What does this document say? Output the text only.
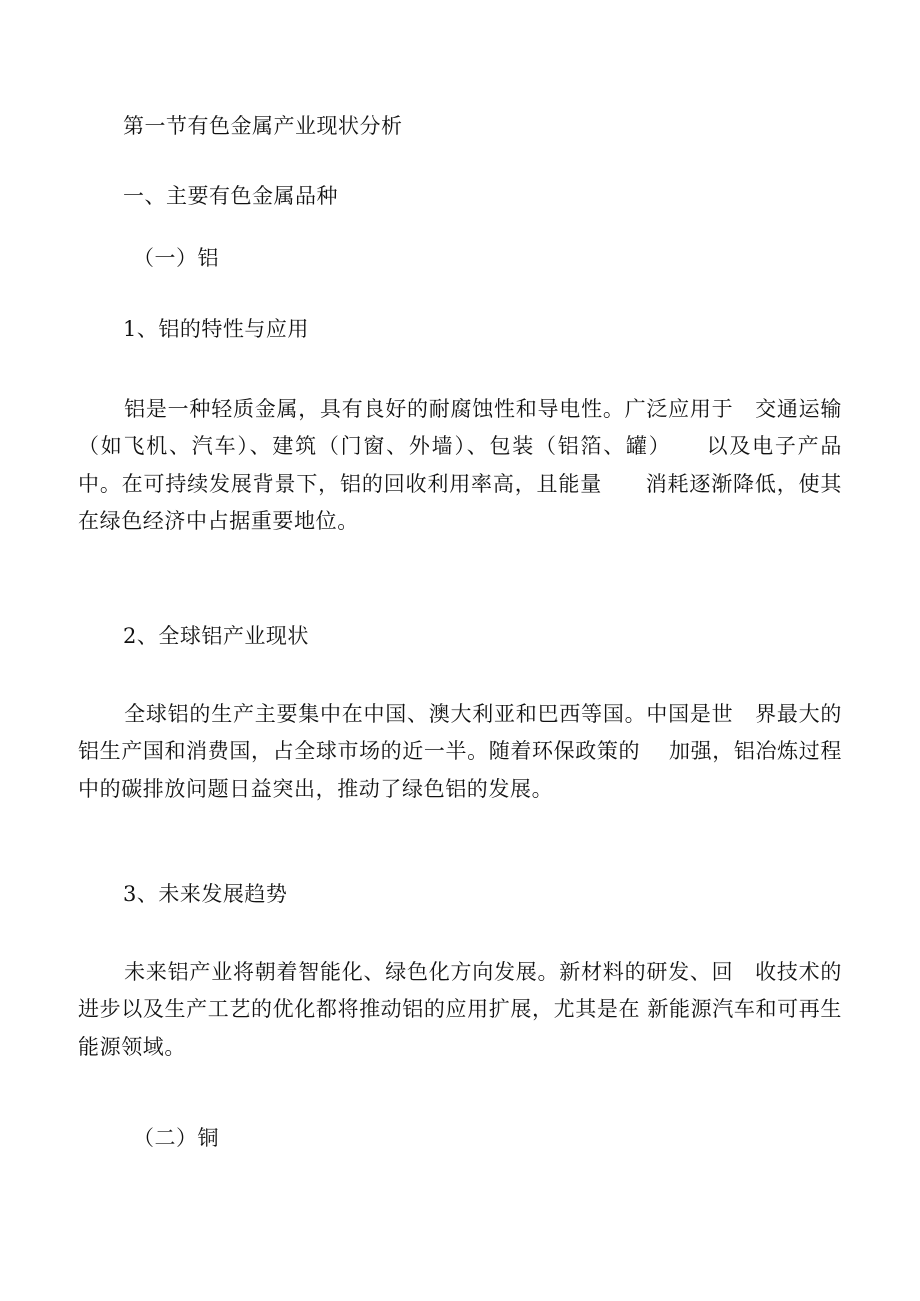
第一节有色金属产业现状分析
一、主要有色金属品种
（一）铝
1、铝的特性与应用
铝是一种轻质金属，具有良好的耐腐蚀性和导电性。广泛应用于　交通运输（如飞机、汽车）、建筑（门窗、外墙）、包装（铝箔、罐）　　以及电子产品中。在可持续发展背景下，铝的回收利用率高，且能量　　消耗逐渐降低，使其在绿色经济中占据重要地位。
2、全球铝产业现状
全球铝的生产主要集中在中国、澳大利亚和巴西等国。中国是世　界最大的铝生产国和消费国，占全球市场的近一半。随着环保政策的　 加强，铝冶炼过程中的碳排放问题日益突出，推动了绿色铝的发展。
3、未来发展趋势
未来铝产业将朝着智能化、绿色化方向发展。新材料的研发、回　收技术的进步以及生产工艺的优化都将推动铝的应用扩展，尤其是在 新能源汽车和可再生能源领域。
（二）铜
